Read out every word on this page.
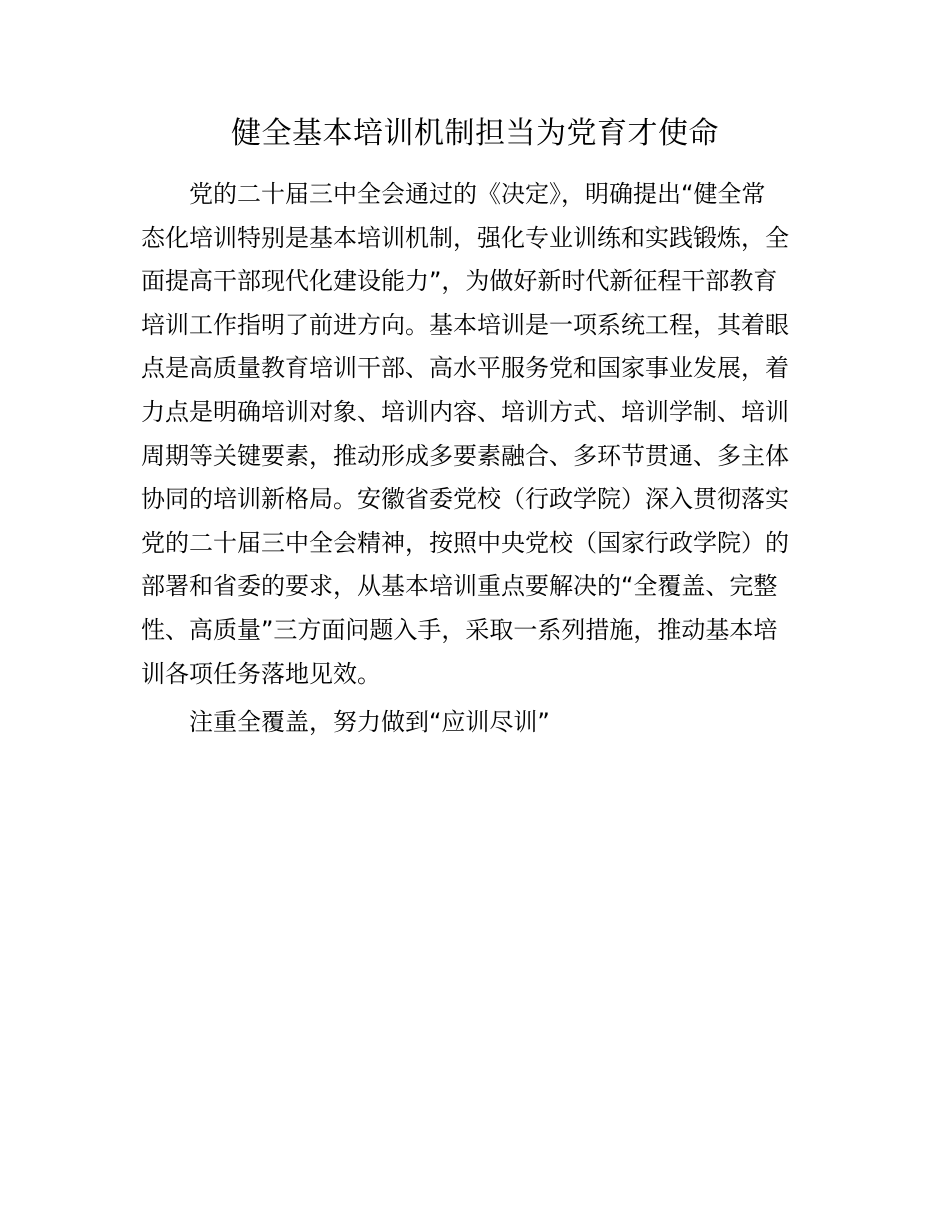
健全基本培训机制担当为党育才使命
党的二十届三中全会通过的《决定》，明确提出“健全常
态化培训特别是基本培训机制，强化专业训练和实践锻炼，全
面提高干部现代化建设能力”，为做好新时代新征程干部教育
培训工作指明了前进方向。基本培训是一项系统工程，其着眼
点是高质量教育培训干部、高水平服务党和国家事业发展，着
力点是明确培训对象、培训内容、培训方式、培训学制、培训
周期等关键要素，推动形成多要素融合、多环节贯通、多主体
协同的培训新格局。安徽省委党校（行政学院）深入贯彻落实
党的二十届三中全会精神，按照中央党校（国家行政学院）的
部署和省委的要求，从基本培训重点要解决的“全覆盖、完整
性、高质量”三方面问题入手，采取一系列措施，推动基本培
训各项任务落地见效。
注重全覆盖，努力做到“应训尽训”
